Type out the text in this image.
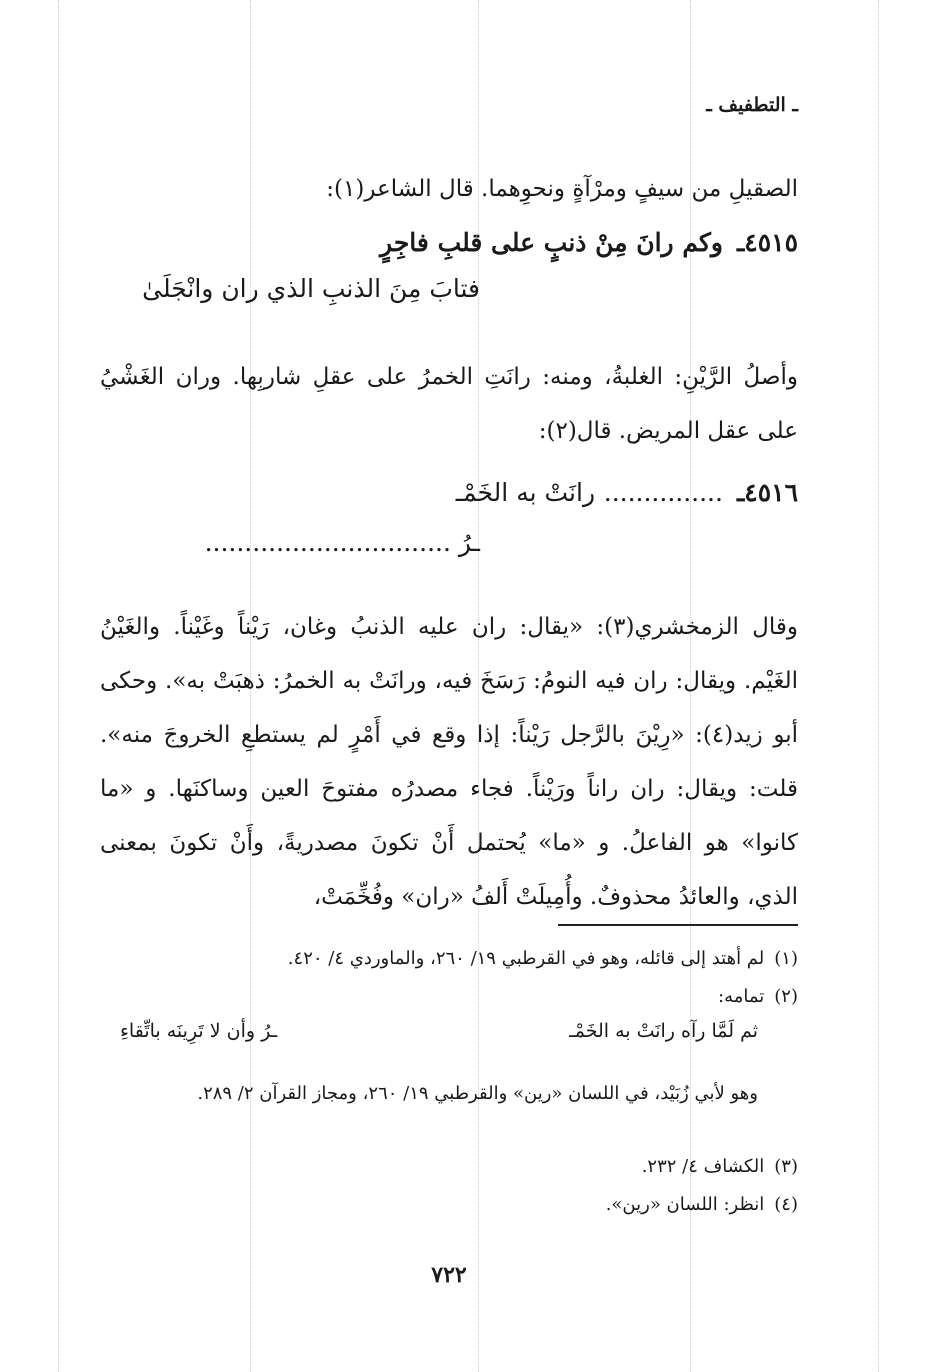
ـ التطفيف ـ

الصقيلِ من سيفٍ ومرْآةٍ ونحوِهما. قال الشاعر(١):

٤٥١٥ـوكم رانَ مِنْ ذنبٍ على قلبِ فاجِرٍ
فتابَ مِنَ الذنبِ الذي ران وانْجَلَىٰ

وأصلُ الرَّيْنِ: الغلبةُ، ومنه: رانَتِ الخمرُ على عقلِ شاربِها. وران الغَشْيُ على عقل المريض. قال(٢):

٤٥١٦ـ............... رانَتْ به الخَمْـ
ـرُ ...............................

وقال الزمخشري(٣): «يقال: ران عليه الذنبُ وغان، رَيْناً وغَيْناً. والغَيْنُ الغَيْم. ويقال: ران فيه النومُ: رَسَخَ فيه، ورانَتْ به الخمرُ: ذهبَتْ به». وحكى أبو زيد(٤): «رِيْنَ بالرَّجل رَيْناً: إذا وقع في أَمْرٍ لم يستطعِ الخروجَ منه». قلت: ويقال: ران راناً ورَيْناً. فجاء مصدرُه مفتوحَ العين وساكنَها. و «ما كانوا» هو الفاعلُ. و «ما» يُحتمل أَنْ تكونَ مصدريةً، وأَنْ تكونَ بمعنى الذي، والعائدُ محذوفٌ. وأُمِيلَتْ أَلفُ «ران» وفُخِّمَتْ،

(١)لم أهتد إلى قائله، وهو في القرطبي ١٩/ ٢٦٠، والماوردي ٤/ ٤٢٠.

(٢)تمامه:

ثم لَمَّا رآه رانَتْ به الخَمْـ
ـرُ وأن لا تَرِينَه باتِّقاءِ

وهو لأبي زُبَيْد، في اللسان «رين» والقرطبي ١٩/ ٢٦٠، ومجاز القرآن ٢/ ٢٨٩.

(٣)الكشاف ٤/ ٢٣٢.

(٤)انظر: اللسان «رين».

٧٢٢
